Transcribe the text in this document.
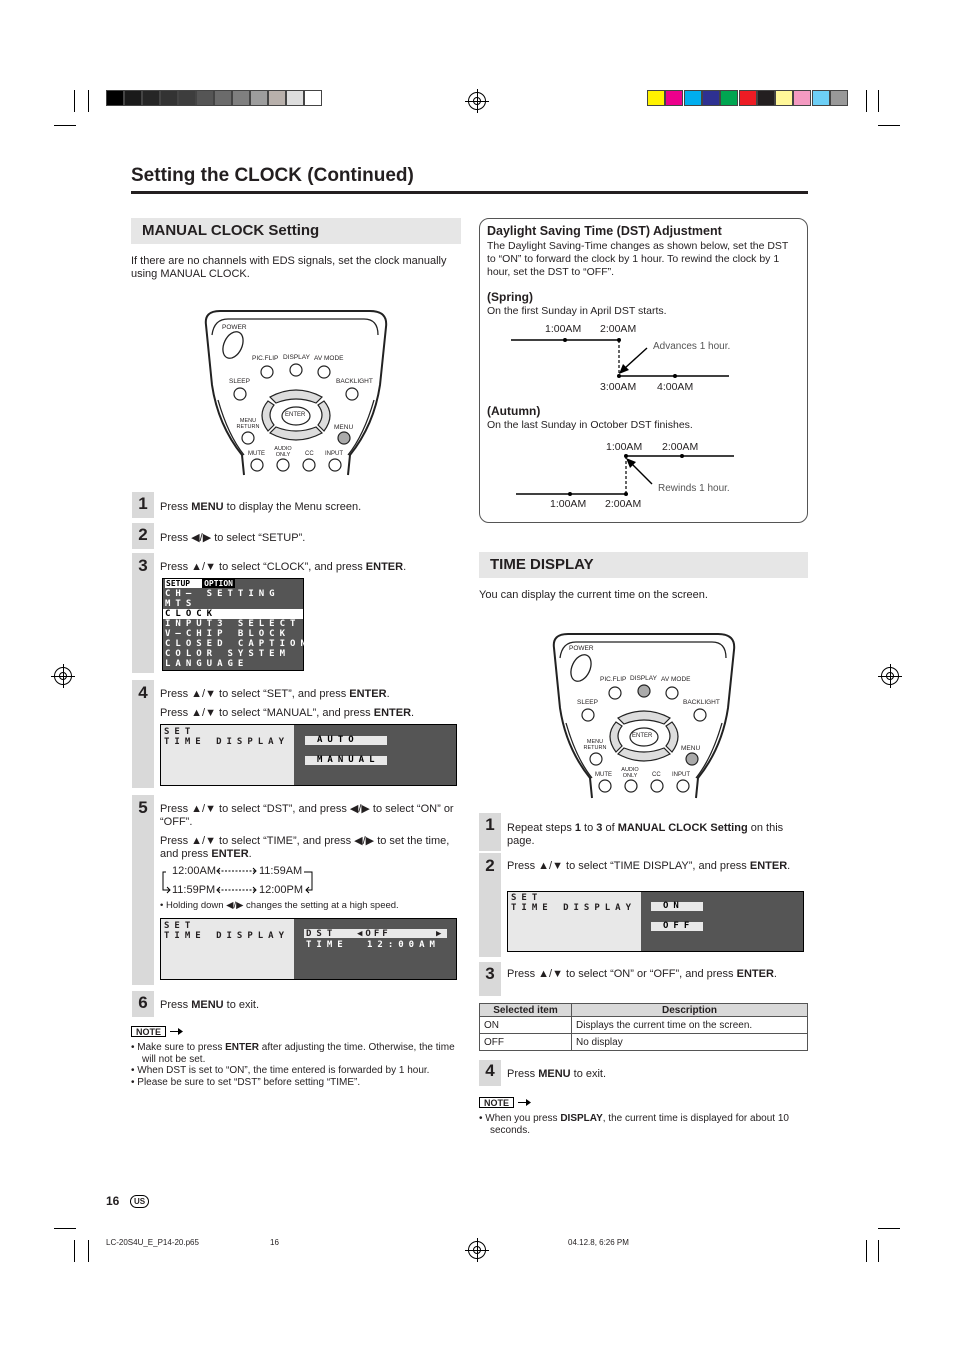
Setting the CLOCK (Continued)
MANUAL CLOCK Setting
If there are no channels with EDS signals, set the clock manually using MANUAL CLOCK.
POWER
PIC.FLIP DISPLAY AV MODE
SLEEP	BACKLIGHT
ENTER
MENU RETURN	MENU
MUTE
AUDIO ONLY	CC INPUT
1	Press MENU to display the Menu screen.
2	Press ◀/▶ to select “SETUP”.
3	Press ▲/▼ to select “CLOCK”, and press ENTER.
SETUP OPTION
CH– SETTING
MTS
CLOCK
INPUT3 SELECT
V–CHIP BLOCK
CLOSED CAPTION
COLOR SYSTEM
LANGUAGE
4	Press ▲/▼ to select “SET”, and press ENTER.
Press ▲/▼ to select “MANUAL”, and press ENTER.
SET
TIME DISPLAY	AUTO
MANUAL
5	Press ▲/▼ to select “DST”, and press ◀/▶ to select “ON” or “OFF”.
Press ▲/▼ to select “TIME”, and press ◀/▶ to set the time, and press ENTER.
12:00AM	11:59AM
11:59PM	12:00PM
• Holding down ◀/▶ changes the setting at a high speed.
SET
TIME DISPLAY DST ◀OFF	▶
TIME 12:00AM
6	Press MENU to exit.
NOTE
• Make sure to press ENTER after adjusting the time. Otherwise, the time will not be set.
• When DST is set to “ON”, the time entered is forwarded by 1 hour.
• Please be sure to set “DST” before setting “TIME”.
Daylight Saving Time (DST) Adjustment
The Daylight Saving-Time changes as shown below, set the DST to “ON” to forward the clock by 1 hour. To rewind the clock by 1 hour, set the DST to “OFF”.
(Spring)
On the first Sunday in April DST starts.
1:00AM 2:00AM
Advances 1 hour.
3:00AM 4:00AM
(Autumn)
On the last Sunday in October DST finishes.
1:00AM 2:00AM
Rewinds 1 hour.
1:00AM 2:00AM
TIME DISPLAY
You can display the current time on the screen.
POWER
PIC.FLIP DISPLAY AV MODE
SLEEP	BACKLIGHT
ENTER
MENU RETURN	MENU
MUTE
AUDIO ONLY	CC INPUT
1	Repeat steps 1 to 3 of MANUAL CLOCK Setting on this page.
2	Press ▲/▼ to select “TIME DISPLAY”, and press ENTER.
SET
TIME DISPLAY	ON
OFF
3	Press ▲/▼ to select “ON” or “OFF”, and press ENTER.
Selected item	Description
ON	Displays the current time on the screen.
OFF	No display
4	Press MENU to exit.
NOTE
• When you press DISPLAY, the current time is displayed for about 10 seconds.
16	US
LC-20S4U_E_P14-20.p65	16	04.12.8, 6:26 PM
